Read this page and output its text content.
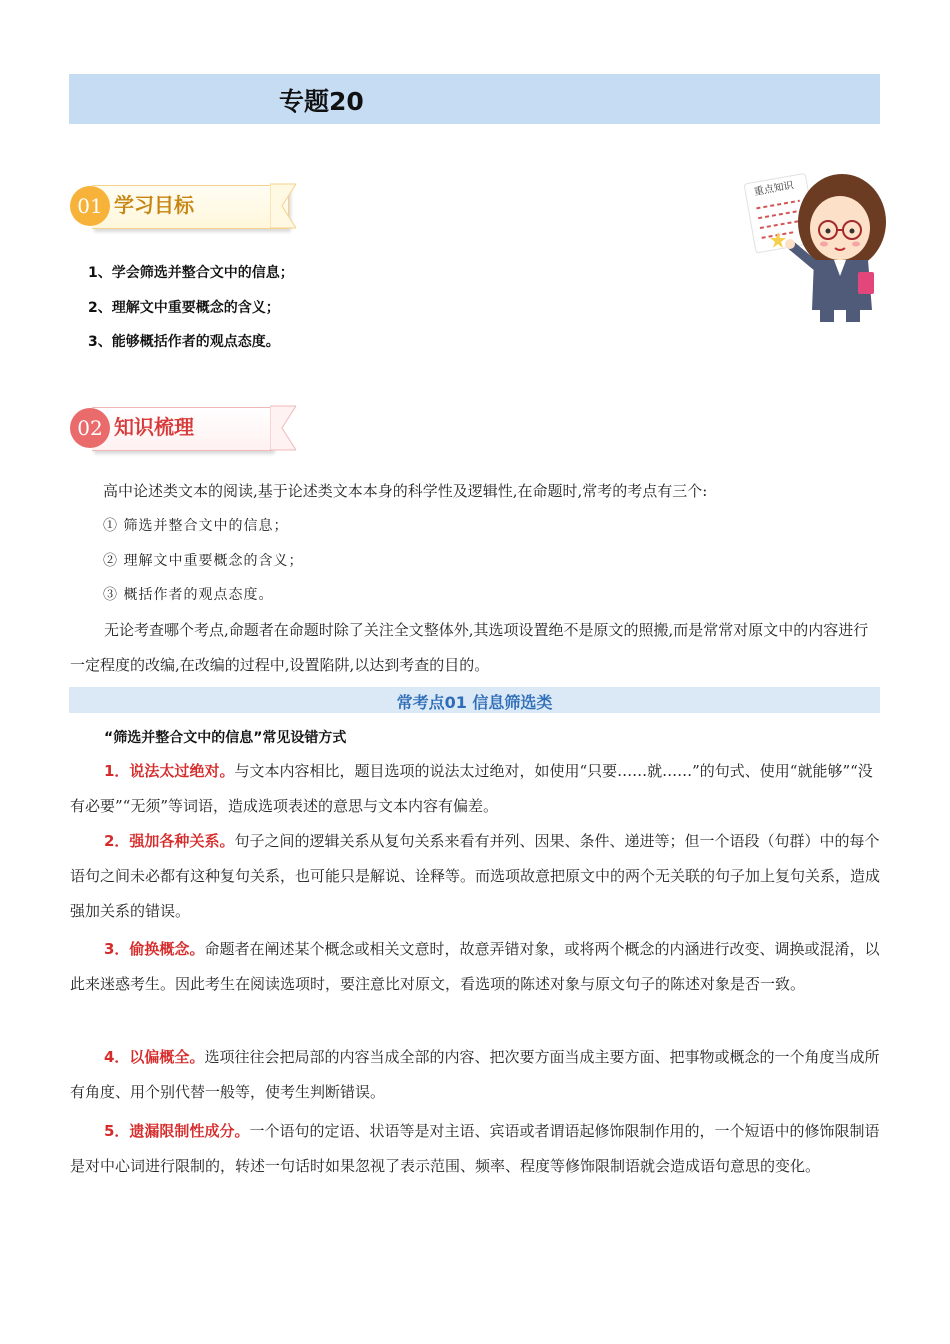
专题20
01 学习目标
1、学会筛选并整合文中的信息；
2、理解文中重要概念的含义；
3、能够概括作者的观点态度。
重点知识
02 知识梳理

高中论述类文本的阅读,基于论述类文本本身的科学性及逻辑性,在命题时,常考的考点有三个:

① 筛选并整合文中的信息；
② 理解文中重要概念的含义；
③ 概括作者的观点态度。

无论考查哪个考点,命题者在命题时除了关注全文整体外,其选项设置绝不是原文的照搬,而是常常对原文中的内容进行一定程度的改编,在改编的过程中,设置陷阱,以达到考查的目的。

常考点01 信息筛选类
“筛选并整合文中的信息”常见设错方式

1．说法太过绝对。与文本内容相比，题目选项的说法太过绝对，如使用“只要……就……”的句式、使用“就能够”“没有必要”“无须”等词语，造成选项表述的意思与文本内容有偏差。

2．强加各种关系。句子之间的逻辑关系从复句关系来看有并列、因果、条件、递进等；但一个语段（句群）中的每个语句之间未必都有这种复句关系，也可能只是解说、诠释等。而选项故意把原文中的两个无关联的句子加上复句关系，造成强加关系的错误。

3．偷换概念。命题者在阐述某个概念或相关文意时，故意弄错对象，或将两个概念的内涵进行改变、调换或混淆，以此来迷惑考生。因此考生在阅读选项时，要注意比对原文，看选项的陈述对象与原文句子的陈述对象是否一致。

4．以偏概全。选项往往会把局部的内容当成全部的内容、把次要方面当成主要方面、把事物或概念的一个角度当成所有角度、用个别代替一般等，使考生判断错误。

5．遗漏限制性成分。一个语句的定语、状语等是对主语、宾语或者谓语起修饰限制作用的，一个短语中的修饰限制语是对中心词进行限制的，转述一句话时如果忽视了表示范围、频率、程度等修饰限制语就会造成语句意思的变化。
